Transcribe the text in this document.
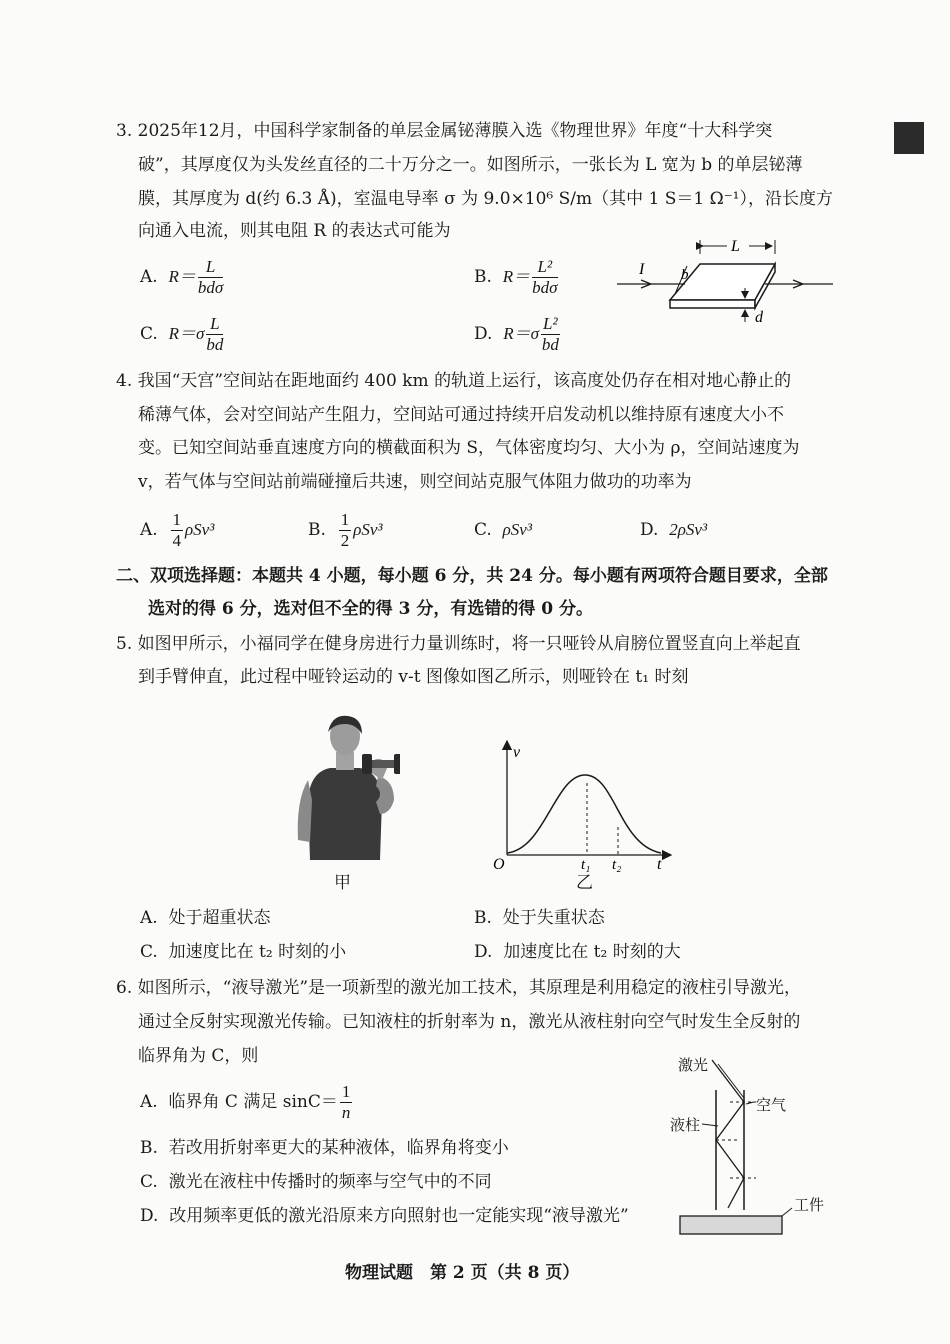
3. 2025年12月，中国科学家制备的单层金属铋薄膜入选《物理世界》年度“十大科学突
破”，其厚度仅为头发丝直径的二十万分之一。如图所示，一张长为 L 宽为 b 的单层铋薄
膜，其厚度为 d(约 6.3 Å)，室温电导率 σ 为 9.0×10⁶ S/m（其中 1 S＝1 Ω⁻¹），沿长度方
向通入电流，则其电阻 R 的表达式可能为
A. $R= \frac{L}{\text{bdσ}}$	B. $R= \frac{\text{L²}}{\text{bdσ}}$
C. $R=\sigma \frac{L}{bd}$	D. $R=\sigma \frac{\text{L²}}{bd}$
L
b
I
d
4. 我国“天宫”空间站在距地面约 400 km 的轨道上运行，该高度处仍存在相对地心静止的
稀薄气体，会对空间站产生阻力，空间站可通过持续开启发动机以维持原有速度大小不
变。已知空间站垂直速度方向的横截面积为 S，气体密度均匀、大小为 ρ，空间站速度为
v，若气体与空间站前端碰撞后共速，则空间站克服气体阻力做功的功率为
A. $\frac{1}{4} \rho Sv^3$	B. $\frac{1}{2} \rho Sv^3$	C. ρSv³	D. 2ρSv³
二、双项选择题：本题共 4 小题，每小题 6 分，共 24 分。每小题有两项符合题目要求，全部
选对的得 6 分，选对但不全的得 3 分，有选错的得 0 分。
5. 如图甲所示，小福同学在健身房进行力量训练时，将一只哑铃从肩膀位置竖直向上举起直
到手臂伸直，此过程中哑铃运动的 v-t 图像如图乙所示，则哑铃在 t₁ 时刻
甲
v
t
O	t₁ t₂
乙
A. 处于超重状态	B. 处于失重状态
C. 加速度比在 t₂ 时刻的小	D. 加速度比在 t₂ 时刻的大
6. 如图所示，“液导激光”是一项新型的激光加工技术，其原理是利用稳定的液柱引导激光，
通过全反射实现激光传输。已知液柱的折射率为 n，激光从液柱射向空气时发生全反射的
临界角为 C，则
A. 临界角 C 满足 $\sin C= \frac{1}{n}$
B. 若改用折射率更大的某种液体，临界角将变小
C. 激光在液柱中传播时的频率与空气中的不同
D. 改用频率更低的激光沿原来方向照射也一定能实现“液导激光”
激光
空气
液柱
工件
物理试题　第 2 页（共 8 页）
